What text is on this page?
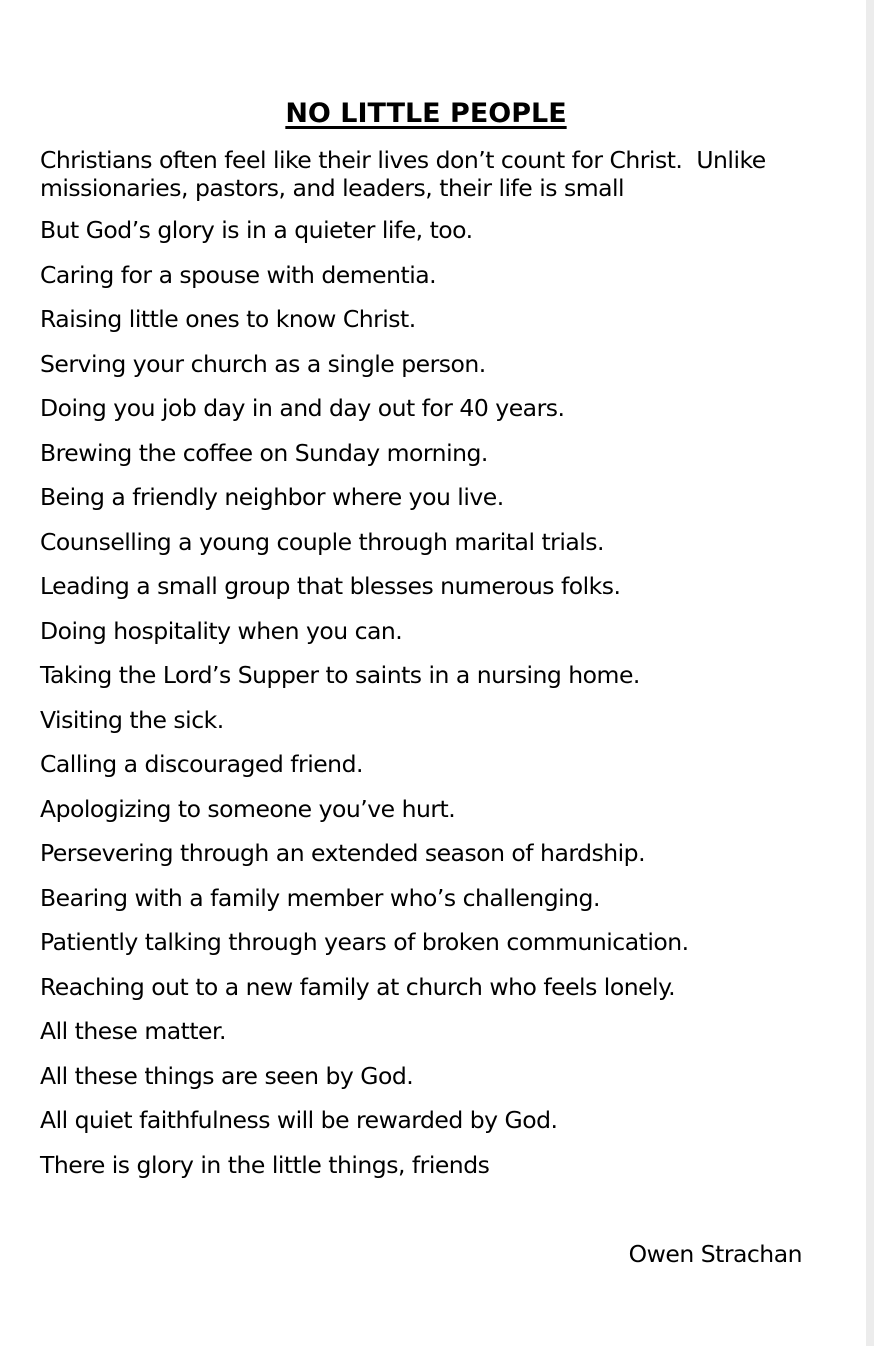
NO LITTLE PEOPLE

Christians often feel like their lives don’t count for Christ.  Unlike missionaries, pastors, and leaders, their life is small

But God’s glory is in a quieter life, too.
Caring for a spouse with dementia.
Raising little ones to know Christ.
Serving your church as a single person.
Doing you job day in and day out for 40 years.
Brewing the coffee on Sunday morning.
Being a friendly neighbor where you live.
Counselling a young couple through marital trials.
Leading a small group that blesses numerous folks.
Doing hospitality when you can.
Taking the Lord’s Supper to saints in a nursing home.
Visiting the sick.
Calling a discouraged friend.
Apologizing to someone you’ve hurt.
Persevering through an extended season of hardship.
Bearing with a family member who’s challenging.
Patiently talking through years of broken communication.
Reaching out to a new family at church who feels lonely.
All these matter.
All these things are seen by God.
All quiet faithfulness will be rewarded by God.
There is glory in the little things, friends
Owen Strachan
